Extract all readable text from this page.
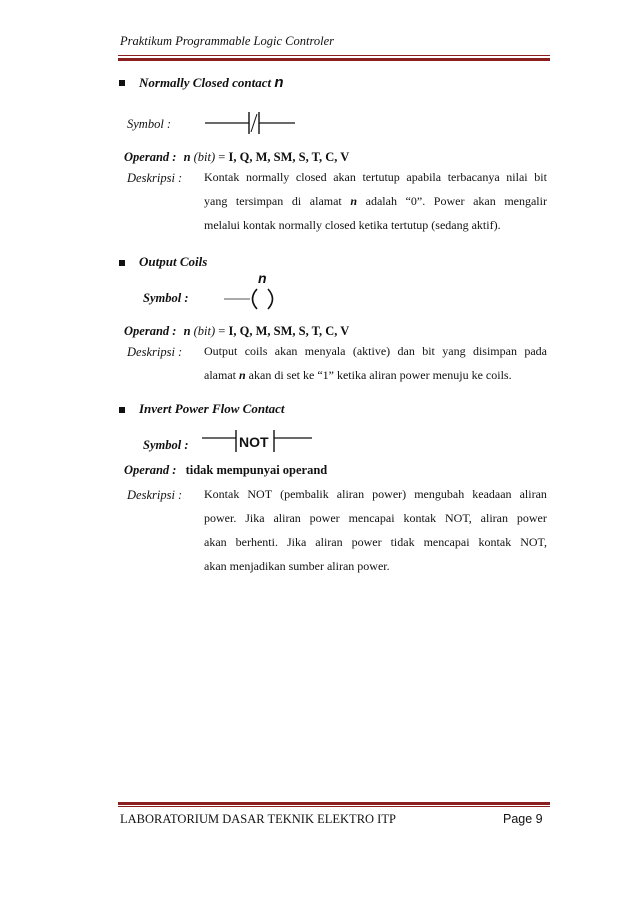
Praktikum Programmable Logic Controler
Normally Closed contact n
Symbol :
Operand : n (bit) = I, Q, M, SM, S, T, C, V
Deskripsi : Kontak normally closed akan tertutup apabila terbacanya nilai bit
yang tersimpan di alamat n adalah “0”. Power akan mengalir
melalui kontak normally closed ketika tertutup (sedang aktif).
Output Coils
n
Symbol :
Operand : n (bit) = I, Q, M, SM, S, T, C, V
Deskripsi : Output coils akan menyala (aktive) dan bit yang disimpan pada
alamat
n
akan di set ke “1” ketika aliran power menuju ke coils.
Invert Power Flow Contact
Symbol :	NOT
Operand : tidak mempunyai operand
Deskripsi : Kontak NOT (pembalik aliran power) mengubah keadaan aliran
power. Jika aliran power mencapai kontak NOT, aliran power
akan berhenti. Jika aliran power tidak mencapai kontak NOT,
akan menjadikan sumber aliran power.
LABORATORIUM DASAR TEKNIK ELEKTRO ITP	Page 9
